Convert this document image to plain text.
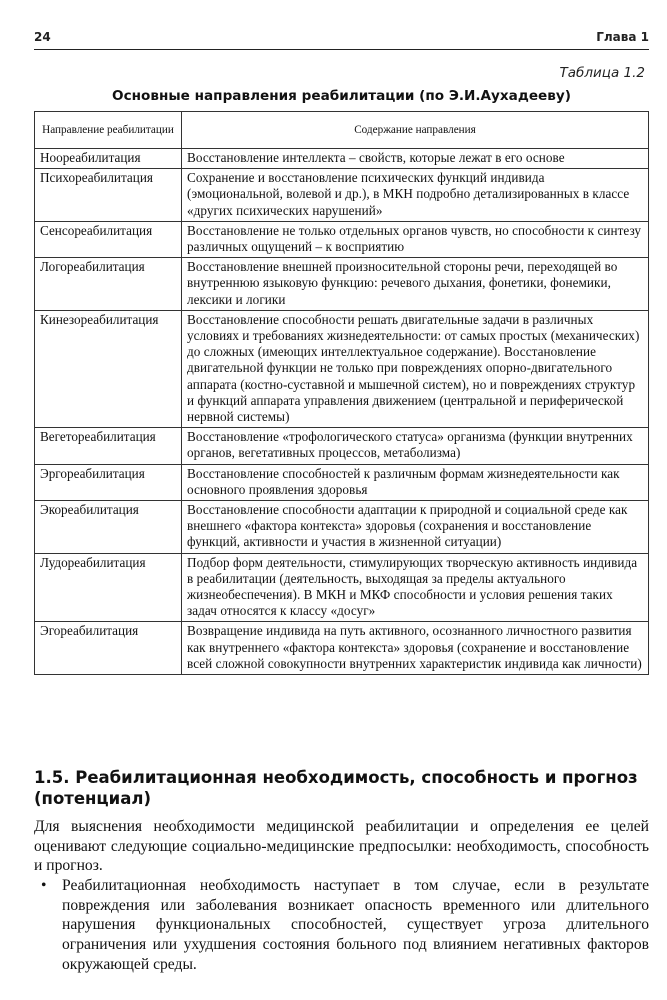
24	Глава 1
Таблица 1.2
Основные направления реабилитации (по Э.И.Аухадееву)
Направление реабилитации	Содержание направления
Ноореабилитация	Восстановление интеллекта – свойств, которые лежат в его основе
Психореабилитация	Сохранение и восстановление психических функций индивида (эмоциональной, волевой и др.), в МКН подробно детализированных в классе «других психических нарушений»
Сенсореабилитация	Восстановление не только отдельных органов чувств, но способности к синтезу различных ощущений – к восприятию
Логореабилитация	Восстановление внешней произносительной стороны речи, переходящей во внутреннюю языковую функцию: речевого дыхания, фонетики, фонемики, лексики и логики
Кинезореабилитация	Восстановление способности решать двигательные задачи в различных условиях и требованиях жизнедеятельности: от самых простых (механических) до сложных (имеющих интеллектуальное содержание). Восстановление двигательной функции не только при повреждениях опорно-двигательного аппарата (костно-суставной и мышечной систем), но и повреждениях структур и функций аппарата управления движением (центральной и периферической нервной системы)
Вегетореабилитация	Восстановление «трофологического статуса» организма (функции внутренних органов, вегетативных процессов, метаболизма)
Эргореабилитация	Восстановление способностей к различным формам жизнедеятельности как основного проявления здоровья
Экореабилитация	Восстановление способности адаптации к природной и социальной среде как внешнего «фактора контекста» здоровья (сохранения и восстановление функций, активности и участия в жизненной ситуации)
Лудореабилитация	Подбор форм деятельности, стимулирующих творческую активность индивида в реабилитации (деятельность, выходящая за пределы актуального жизнеобеспечения). В МКН и МКФ способности и условия решения таких задач относятся к классу «досуг»
Эгореабилитация	Возвращение индивида на путь активного, осознанного личностного развития как внутреннего «фактора контекста» здоровья (сохранение и восстановление всей сложной совокупности внутренних характеристик индивида как личности)
1.5. Реабилитационная необходимость, способность и прогноз (потенциал)

Для выяснения необходимости медицинской реабилитации и определения ее целей оценивают следующие социально-медицинские предпосылки: необходимость, способность и прогноз.

• Реабилитационная необходимость наступает в том случае, если в результате повреждения или заболевания возникает опасность временного или длительного нарушения функциональных способностей, существует угроза длительного ограничения или ухудшения состояния больного под влиянием негативных факторов окружающей среды.
